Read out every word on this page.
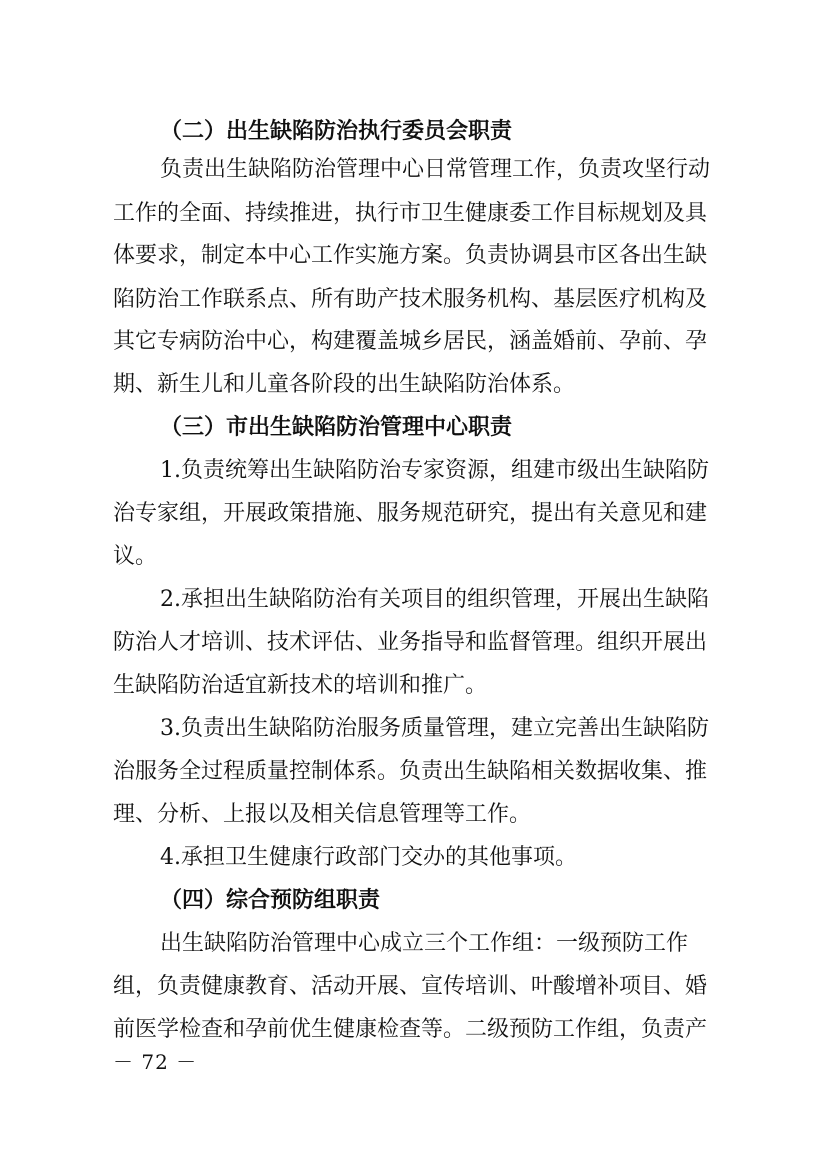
（二）出生缺陷防治执行委员会职责
负责出生缺陷防治管理中心日常管理工作，负责攻坚行动
工作的全面、持续推进，执行市卫生健康委工作目标规划及具
体要求，制定本中心工作实施方案。负责协调县市区各出生缺
陷防治工作联系点、所有助产技术服务机构、基层医疗机构及
其它专病防治中心，构建覆盖城乡居民，涵盖婚前、孕前、孕
期、新生儿和儿童各阶段的出生缺陷防治体系。
（三）市出生缺陷防治管理中心职责
1.负责统筹出生缺陷防治专家资源，组建市级出生缺陷防
治专家组，开展政策措施、服务规范研究，提出有关意见和建
议。
2.承担出生缺陷防治有关项目的组织管理，开展出生缺陷
防治人才培训、技术评估、业务指导和监督管理。组织开展出
生缺陷防治适宜新技术的培训和推广。
3.负责出生缺陷防治服务质量管理，建立完善出生缺陷防
治服务全过程质量控制体系。负责出生缺陷相关数据收集、推
理、分析、上报以及相关信息管理等工作。
4.承担卫生健康行政部门交办的其他事项。
（四）综合预防组职责
出生缺陷防治管理中心成立三个工作组：一级预防工作
组，负责健康教育、活动开展、宣传培训、叶酸增补项目、婚
前医学检查和孕前优生健康检查等。二级预防工作组，负责产
－ 72 －
